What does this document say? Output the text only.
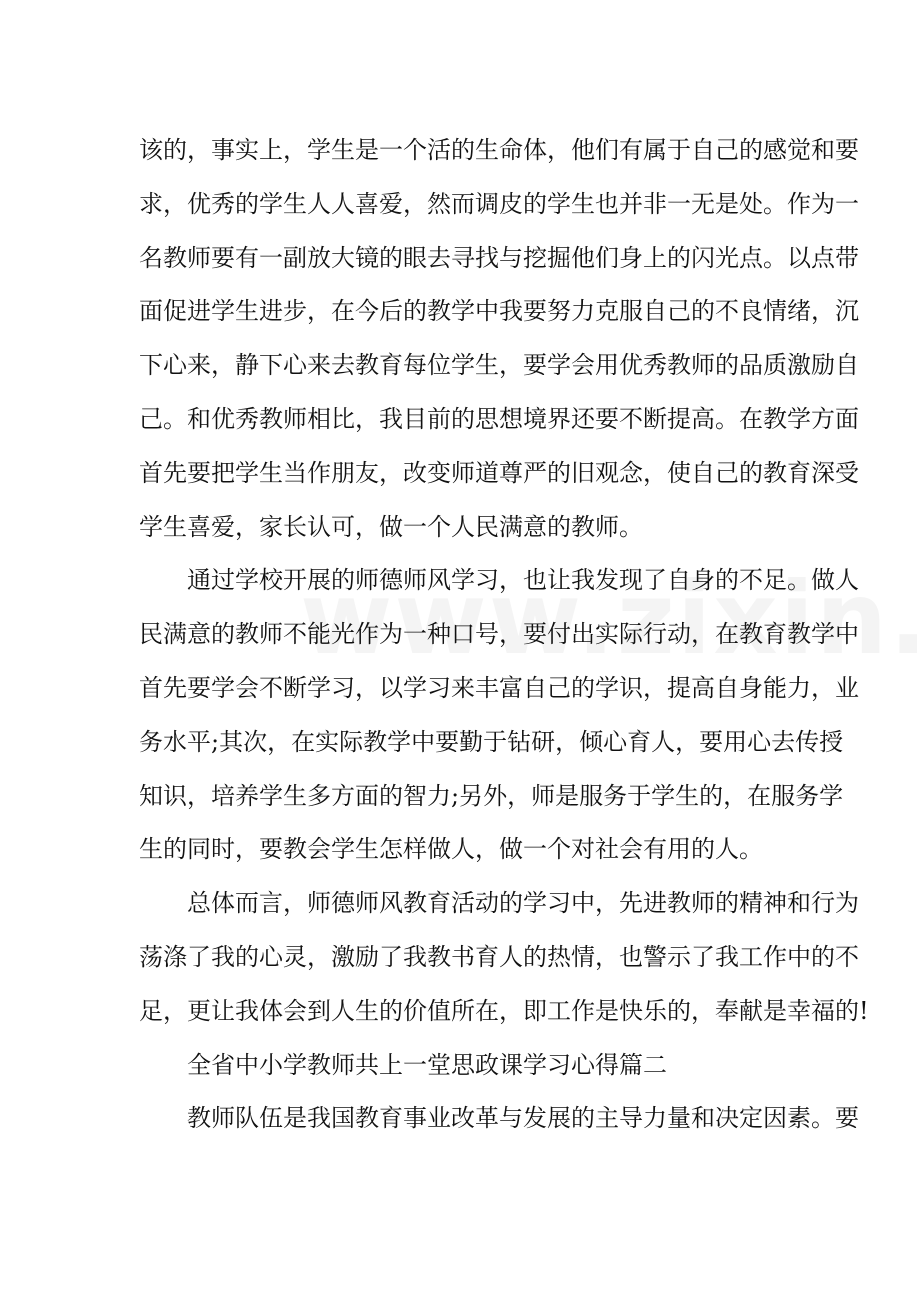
该的，事实上，学生是一个活的生命体，他们有属于自己的感觉和要
求，优秀的学生人人喜爱，然而调皮的学生也并非一无是处。作为一
名教师要有一副放大镜的眼去寻找与挖掘他们身上的闪光点。以点带
面促进学生进步，在今后的教学中我要努力克服自己的不良情绪，沉
下心来，静下心来去教育每位学生，要学会用优秀教师的品质激励自
己。和优秀教师相比，我目前的思想境界还要不断提高。在教学方面
首先要把学生当作朋友，改变师道尊严的旧观念，使自己的教育深受
学生喜爱，家长认可，做一个人民满意的教师。

通过学校开展的师德师风学习，也让我发现了自身的不足。做人
民满意的教师不能光作为一种口号，要付出实际行动，在教育教学中
首先要学会不断学习，以学习来丰富自己的学识，提高自身能力，业
务水平;其次，在实际教学中要勤于钻研，倾心育人，要用心去传授
知识，培养学生多方面的智力;另外，师是服务于学生的，在服务学
生的同时，要教会学生怎样做人，做一个对社会有用的人。

总体而言，师德师风教育活动的学习中，先进教师的精神和行为
荡涤了我的心灵，激励了我教书育人的热情，也警示了我工作中的不
足，更让我体会到人生的价值所在，即工作是快乐的，奉献是幸福的!

全省中小学教师共上一堂思政课学习心得篇二

教师队伍是我国教育事业改革与发展的主导力量和决定因素。要
